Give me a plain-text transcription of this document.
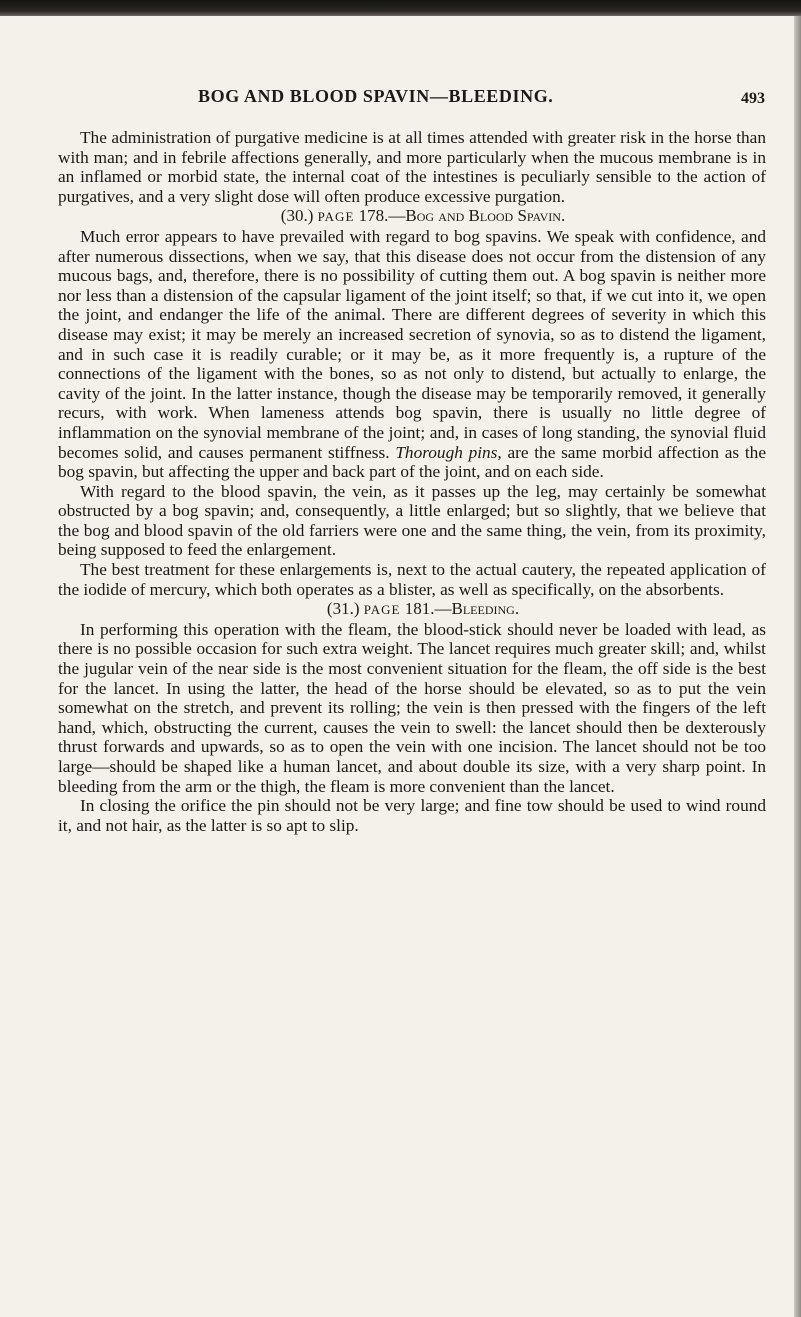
BOG AND BLOOD SPAVIN—BLEEDING.	493

The administration of purgative medicine is at all times attended with greater risk in the horse than with man; and in febrile affections generally, and more particularly when the mucous membrane is in an inflamed or morbid state, the internal coat of the intestines is peculiarly sensible to the action of purgatives, and a very slight dose will often produce excessive purgation.

(30.) PAGE 178.—Bog and Blood Spavin.

Much error appears to have prevailed with regard to bog spavins. We speak with confidence, and after numerous dissections, when we say, that this disease does not occur from the distension of any mucous bags, and, therefore, there is no possibility of cutting them out. A bog spavin is neither more nor less than a distension of the capsular ligament of the joint itself; so that, if we cut into it, we open the joint, and endanger the life of the animal. There are different degrees of severity in which this disease may exist; it may be merely an increased secretion of synovia, so as to distend the ligament, and in such case it is readily curable; or it may be, as it more frequently is, a rupture of the connections of the ligament with the bones, so as not only to distend, but actually to enlarge, the cavity of the joint. In the latter instance, though the disease may be temporarily removed, it generally recurs, with work. When lameness attends bog spavin, there is usually no little degree of inflammation on the synovial membrane of the joint; and, in cases of long standing, the synovial fluid becomes solid, and causes permanent stiffness. Thorough pins, are the same morbid affection as the bog spavin, but affecting the upper and back part of the joint, and on each side.

With regard to the blood spavin, the vein, as it passes up the leg, may certainly be somewhat obstructed by a bog spavin; and, consequently, a little enlarged; but so slightly, that we believe that the bog and blood spavin of the old farriers were one and the same thing, the vein, from its proximity, being supposed to feed the enlargement.

The best treatment for these enlargements is, next to the actual cautery, the repeated application of the iodide of mercury, which both operates as a blister, as well as specifically, on the absorbents.

(31.) PAGE 181.—Bleeding.

In performing this operation with the fleam, the blood-stick should never be loaded with lead, as there is no possible occasion for such extra weight. The lancet requires much greater skill; and, whilst the jugular vein of the near side is the most convenient situation for the fleam, the off side is the best for the lancet. In using the latter, the head of the horse should be elevated, so as to put the vein somewhat on the stretch, and prevent its rolling; the vein is then pressed with the fingers of the left hand, which, obstructing the current, causes the vein to swell: the lancet should then be dexterously thrust forwards and upwards, so as to open the vein with one incision. The lancet should not be too large—should be shaped like a human lancet, and about double its size, with a very sharp point. In bleeding from the arm or the thigh, the fleam is more convenient than the lancet.

In closing the orifice the pin should not be very large; and fine tow should be used to wind round it, and not hair, as the latter is so apt to slip.
